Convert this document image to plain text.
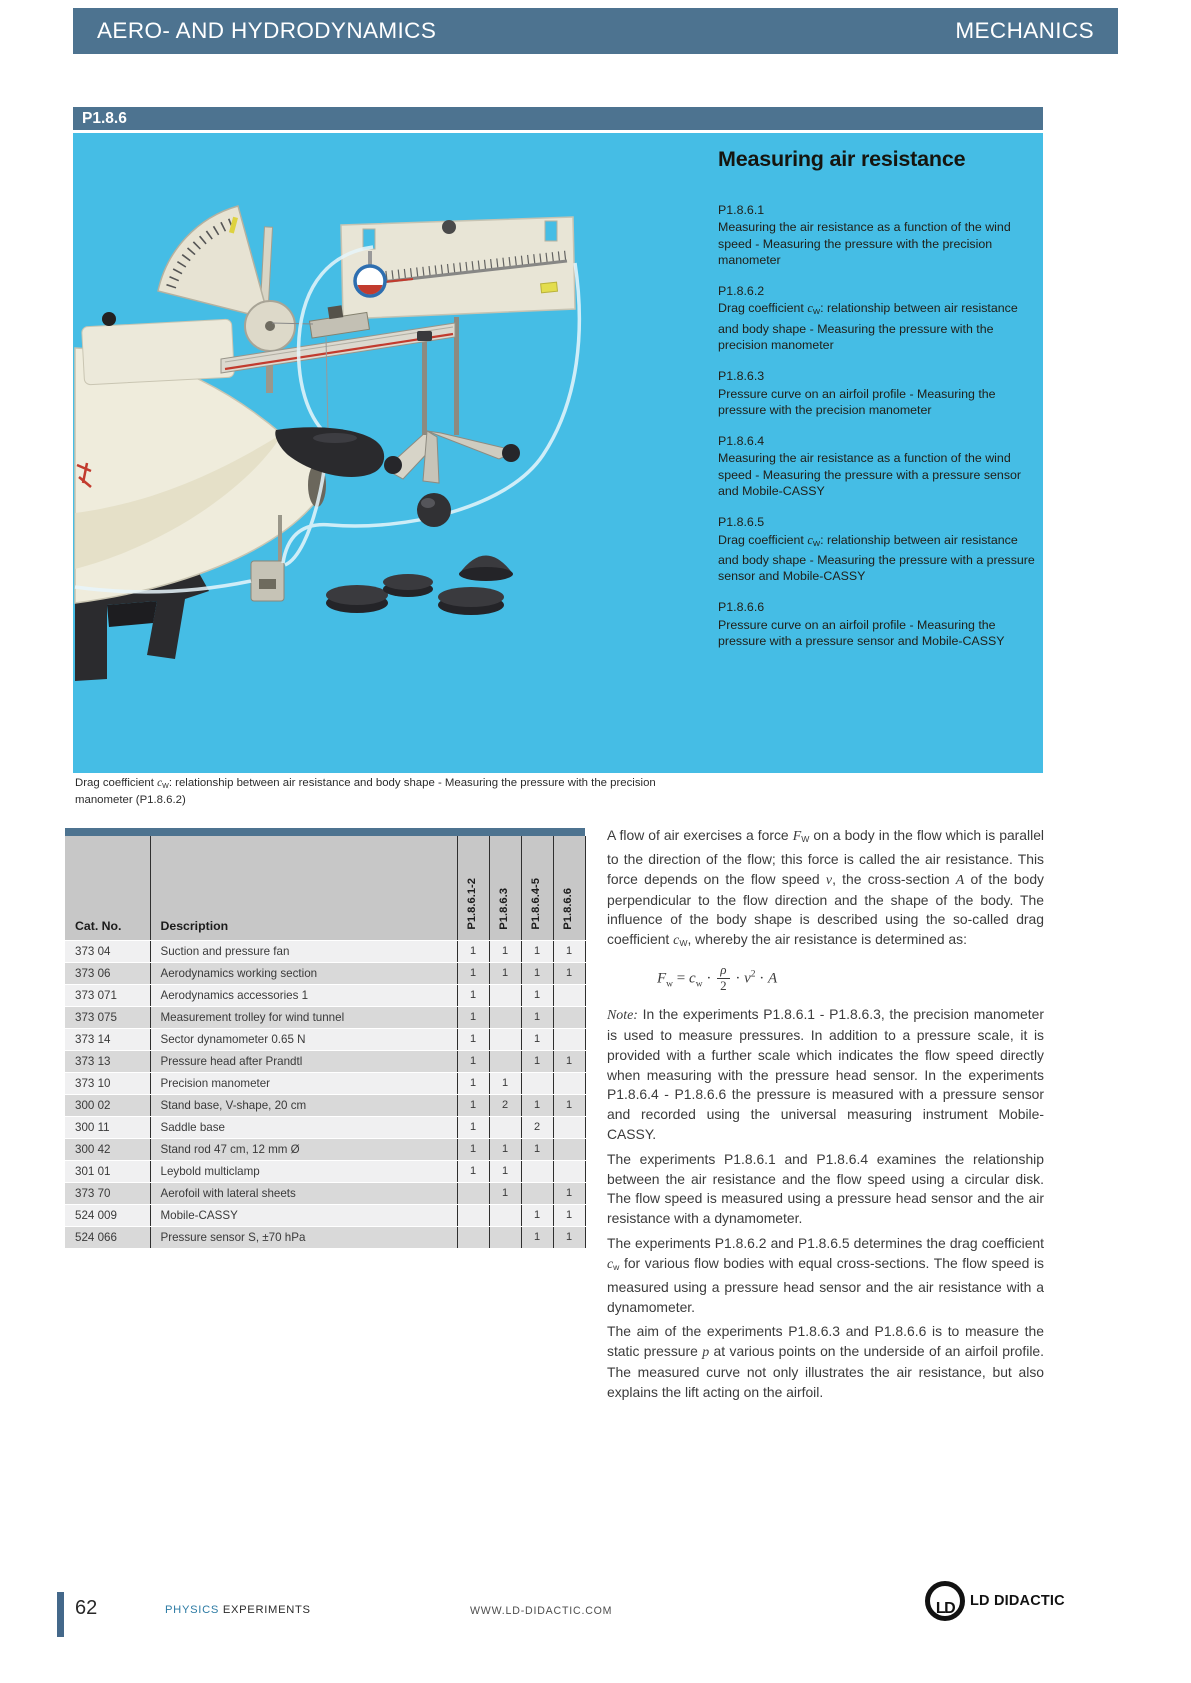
AERO- AND HYDRODYNAMICS	MECHANICS
P1.8.6
Measuring air resistance
P1.8.6.1
Measuring the air resistance as a function of the wind speed - Measuring the pressure with the precision manometer
P1.8.6.2
Drag coefficient $c_W$: relationship between air resistance and body shape - Measuring the pressure with the precision manometer
P1.8.6.3
Pressure curve on an airfoil profile - Measuring the pressure with the precision manometer
P1.8.6.4
Measuring the air resistance as a function of the wind speed - Measuring the pressure with a pressure sensor and Mobile-CASSY
P1.8.6.5
Drag coefficient $c_W$: relationship between air resistance and body shape - Measuring the pressure with a pressure sensor and Mobile-CASSY
P1.8.6.6
Pressure curve on an airfoil profile - Measuring the pressure with a pressure sensor and Mobile-CASSY
Drag coefficient $c_W$: relationship between air resistance and body shape - Measuring the pressure with the precision manometer (P1.8.6.2)
Cat. No.	Description	P1.8.6.1-2	P1.8.6.3	P1.8.6.4-5	P1.8.6.6
373 04	Suction and pressure fan	1	1	1	1
373 06	Aerodynamics working section	1	1	1	1
373 071	Aerodynamics accessories 1	1		1	
373 075	Measurement trolley for wind tunnel	1		1	
373 14	Sector dynamometer 0.65 N	1		1	
373 13	Pressure head after Prandtl	1		1	1
373 10	Precision manometer	1	1		
300 02	Stand base, V-shape, 20 cm	1	2	1	1
300 11	Saddle base	1		2	
300 42	Stand rod 47 cm, 12 mm Ø	1	1	1	
301 01	Leybold multiclamp	1	1		
373 70	Aerofoil with lateral sheets		1		1
524 009	Mobile-CASSY			1	1
524 066	Pressure sensor S, ±70 hPa			1	1
A flow of air exercises a force $F_W$ on a body in the flow which is parallel to the direction of the flow; this force is called the air resistance. This force depends on the flow speed v, the cross-section A of the body perpendicular to the flow direction and the shape of the body. The influence of the body shape is described using the so-called drag coefficient $c_W$, whereby the air resistance is determined as:
$F_w = c_w \cdot \frac{\rho}{2} \cdot v^2 \cdot A$
Note: In the experiments P1.8.6.1 - P1.8.6.3, the precision manometer is used to measure pressures. In addition to a pressure scale, it is provided with a further scale which indicates the flow speed directly when measuring with the pressure head sensor. In the experiments P1.8.6.4 - P1.8.6.6 the pressure is measured with a pressure sensor and recorded using the universal measuring instrument Mobile-CASSY.
The experiments P1.8.6.1 and P1.8.6.4 examines the relationship between the air resistance and the flow speed using a circular disk. The flow speed is measured using a pressure head sensor and the air resistance with a dynamometer.
The experiments P1.8.6.2 and P1.8.6.5 determines the drag coefficient $c_w$ for various flow bodies with equal cross-sections. The flow speed is measured using a pressure head sensor and the air resistance with a dynamometer.
The aim of the experiments P1.8.6.3 and P1.8.6.6 is to measure the static pressure p at various points on the underside of an airfoil profile. The measured curve not only illustrates the air resistance, but also explains the lift acting on the airfoil.
62	PHYSICS EXPERIMENTS	WWW.LD-DIDACTIC.COM	LD	LD DIDACTIC
